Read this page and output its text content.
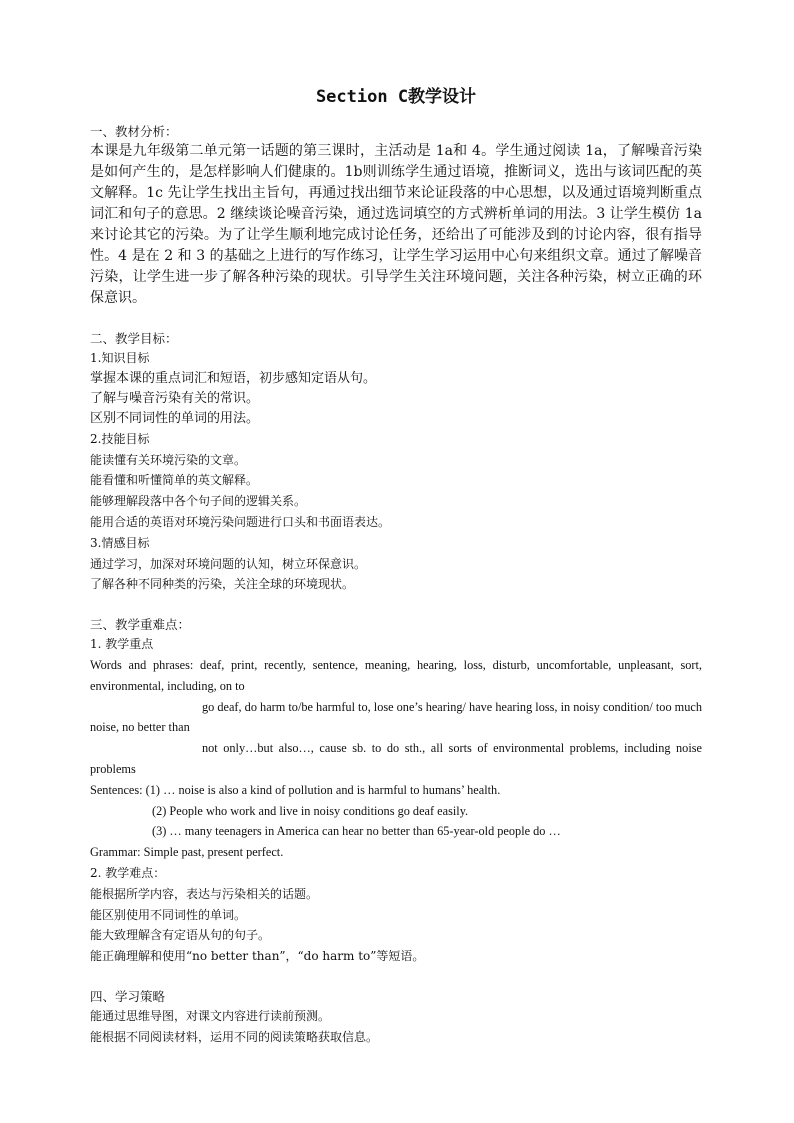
Section C教学设计

一、教材分析：

本课是九年级第二单元第一话题的第三课时，主活动是 1a和 4。学生通过阅读 1a，了解噪音污染是如何产生的，是怎样影响人们健康的。1b则训练学生通过语境，推断词义，选出与该词匹配的英文解释。1c 先让学生找出主旨句，再通过找出细节来论证段落的中心思想，以及通过语境判断重点词汇和句子的意思。2 继续谈论噪音污染，通过选词填空的方式辨析单词的用法。3 让学生模仿 1a 来讨论其它的污染。为了让学生顺利地完成讨论任务，还给出了可能涉及到的讨论内容，很有指导性。4 是在 2 和 3 的基础之上进行的写作练习，让学生学习运用中心句来组织文章。通过了解噪音污染，让学生进一步了解各种污染的现状。引导学生关注环境问题，关注各种污染，树立正确的环保意识。

二、教学目标：

1.知识目标

掌握本课的重点词汇和短语，初步感知定语从句。

了解与噪音污染有关的常识。

区别不同词性的单词的用法。

2.技能目标

能读懂有关环境污染的文章。

能看懂和听懂简单的英文解释。

能够理解段落中各个句子间的逻辑关系。

能用合适的英语对环境污染问题进行口头和书面语表达。

3.情感目标

通过学习，加深对环境问题的认知，树立环保意识。

了解各种不同种类的污染，关注全球的环境现状。

三、教学重难点：

1. 教学重点

Words and phrases: deaf, print, recently, sentence, meaning, hearing, loss, disturb, uncomfortable, unpleasant, sort, environmental, including, on to

go deaf, do harm to/be harmful to, lose one’s hearing/ have hearing loss, in noisy condition/ too much noise, no better than

not only…but also…, cause sb. to do sth., all sorts of environmental problems, including noise problems

Sentences: (1) … noise is also a kind of pollution and is harmful to humans’ health.

(2) People who work and live in noisy conditions go deaf easily.

(3) … many teenagers in America can hear no better than 65-year-old people do …

Grammar: Simple past, present perfect.

2. 教学难点：

能根据所学内容，表达与污染相关的话题。

能区别使用不同词性的单词。

能大致理解含有定语从句的句子。

能正确理解和使用“no better than”，“do harm to”等短语。

四、学习策略

能通过思维导图，对课文内容进行读前预测。

能根据不同阅读材料，运用不同的阅读策略获取信息。
